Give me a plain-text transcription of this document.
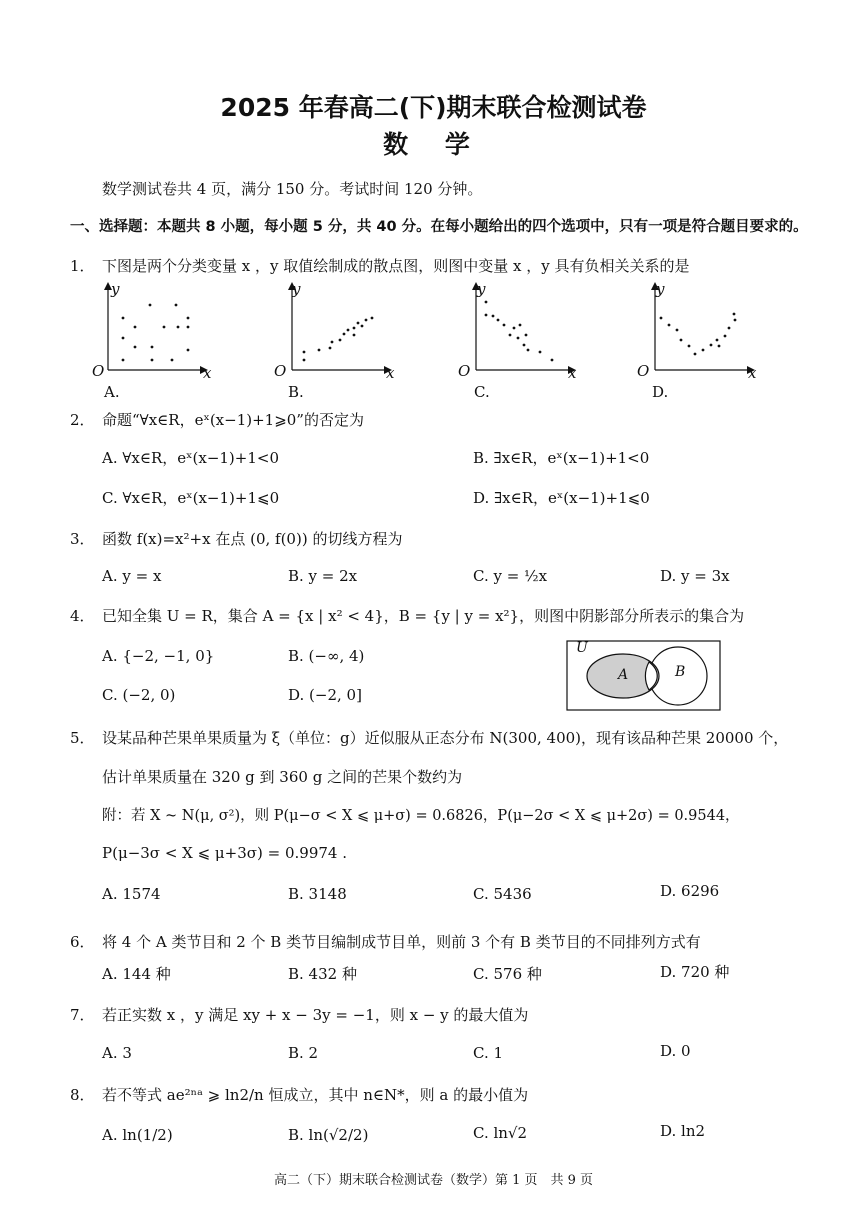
2025 年春高二(下)期末联合检测试卷
数 学
数学测试卷共 4 页，满分 150 分。考试时间 120 分钟。
一、选择题：本题共 8 小题，每小题 5 分，共 40 分。在每小题给出的四个选项中，只有一项是符合题目要求的。
1． 下图是两个分类变量 x ，y 取值绘制成的散点图，则图中变量 x ，y 具有负相关关系的是
y
x
O
A.
y
x
O
B.
y
x
O
C.
y
x
O
D.
2． 命题“∀x∈R，eˣ(x−1)+1⩾0”的否定为
A. ∀x∈R，eˣ(x−1)+1<0	B. ∃x∈R，eˣ(x−1)+1<0
C. ∀x∈R，eˣ(x−1)+1⩽0	D. ∃x∈R，eˣ(x−1)+1⩽0
3． 函数 f(x)=x²+x 在点 (0, f(0)) 的切线方程为
A. y = x	B. y = 2x	C. y = ½x	D. y = 3x
4． 已知全集 U = R，集合 A = {x | x² < 4}，B = {y | y = x²}，则图中阴影部分所表示的集合为
A. {−2, −1, 0}	B. (−∞, 4)
C. (−2, 0)	D. (−2, 0]
U
A	B
5． 设某品种芒果单果质量为 ξ（单位：g）近似服从正态分布 N(300, 400)，现有该品种芒果 20000 个，
估计单果质量在 320 g 到 360 g 之间的芒果个数约为
附：若 X ~ N(μ, σ²)，则 P(μ−σ < X ⩽ μ+σ) = 0.6826，P(μ−2σ < X ⩽ μ+2σ) = 0.9544，
P(μ−3σ < X ⩽ μ+3σ) = 0.9974 .
A. 1574	B. 3148	C. 5436	D. 6296
6． 将 4 个 A 类节目和 2 个 B 类节目编制成节目单，则前 3 个有 B 类节目的不同排列方式有
A. 144 种	B. 432 种	C. 576 种	D. 720 种
7． 若正实数 x ，y 满足 xy + x − 3y = −1，则 x − y 的最大值为
A. 3	B. 2	C. 1	D. 0
8． 若不等式 ae²ⁿᵃ ⩾ ln2/n 恒成立，其中 n∈N*，则 a 的最小值为
A. ln(1/2)	B. ln(√2/2)	C. ln√2	D. ln2
高二（下）期末联合检测试卷（数学）第 1 页　共 9 页
